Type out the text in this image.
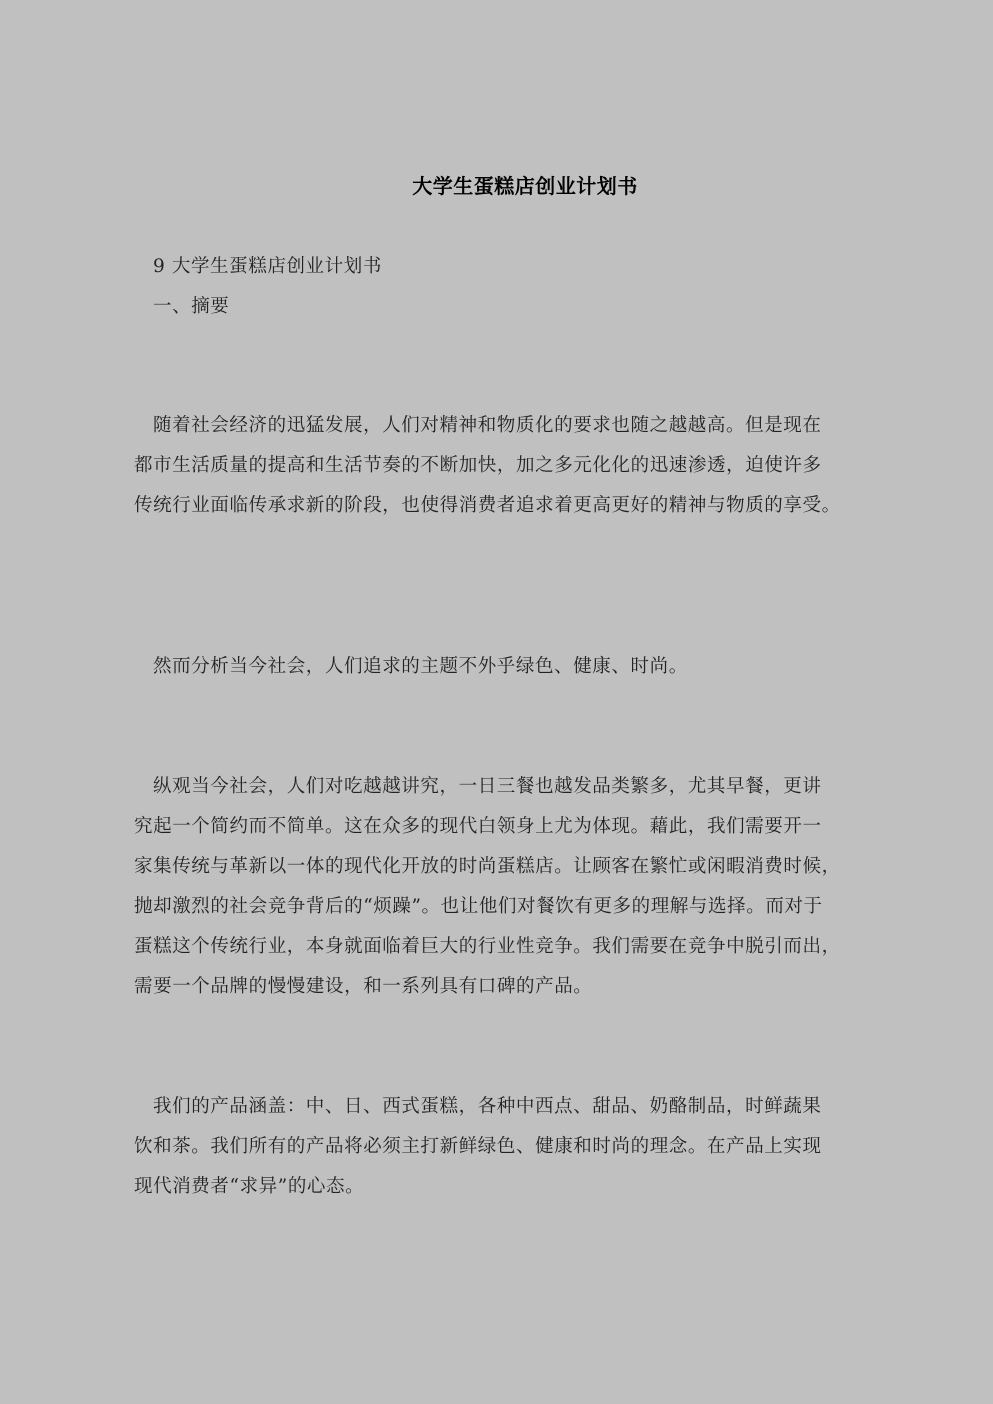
大学生蛋糕店创业计划书
9 大学生蛋糕店创业计划书
一、摘要
随着社会经济的迅猛发展，人们对精神和物质化的要求也随之越越高。但是现在
都市生活质量的提高和生活节奏的不断加快，加之多元化化的迅速渗透，迫使许多
传统行业面临传承求新的阶段，也使得消费者追求着更高更好的精神与物质的享受。
然而分析当今社会，人们追求的主题不外乎绿色、健康、时尚。
纵观当今社会，人们对吃越越讲究，一日三餐也越发品类繁多，尤其早餐，更讲
究起一个简约而不简单。这在众多的现代白领身上尤为体现。藉此，我们需要开一
家集传统与革新以一体的现代化开放的时尚蛋糕店。让顾客在繁忙或闲暇消费时候，
抛却激烈的社会竞争背后的“烦躁”。也让他们对餐饮有更多的理解与选择。而对于
蛋糕这个传统行业，本身就面临着巨大的行业性竞争。我们需要在竞争中脱引而出，
需要一个品牌的慢慢建设，和一系列具有口碑的产品。
我们的产品涵盖：中、日、西式蛋糕，各种中西点、甜品、奶酪制品，时鲜蔬果
饮和茶。我们所有的产品将必须主打新鲜绿色、健康和时尚的理念。在产品上实现
现代消费者“求异”的心态。
